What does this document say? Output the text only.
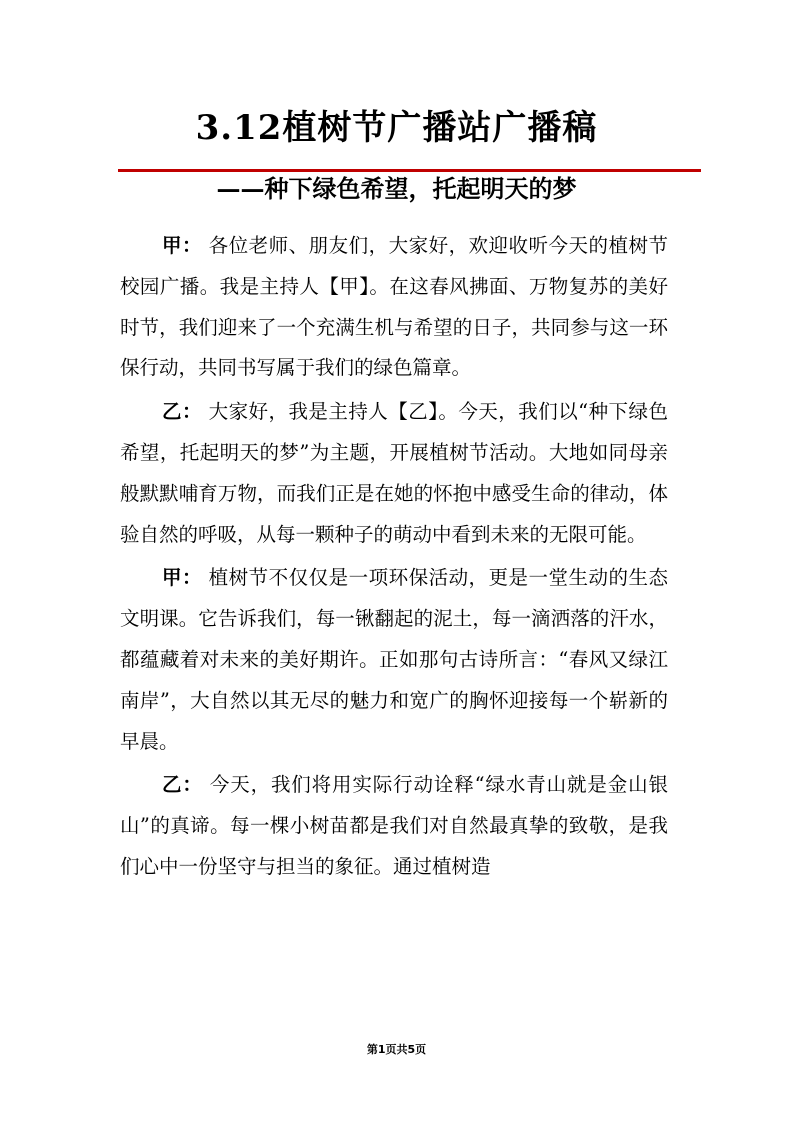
3.12植树节广播站广播稿
——种下绿色希望，托起明天的梦

甲： 各位老师、朋友们，大家好，欢迎收听今天的植树节校园广播。我是主持人【甲】。在这春风拂面、万物复苏的美好时节，我们迎来了一个充满生机与希望的日子，共同参与这一环保行动，共同书写属于我们的绿色篇章。

乙： 大家好，我是主持人【乙】。今天，我们以“种下绿色希望，托起明天的梦”为主题，开展植树节活动。大地如同母亲般默默哺育万物，而我们正是在她的怀抱中感受生命的律动，体验自然的呼吸，从每一颗种子的萌动中看到未来的无限可能。

甲： 植树节不仅仅是一项环保活动，更是一堂生动的生态文明课。它告诉我们，每一锹翻起的泥土，每一滴洒落的汗水，都蕴藏着对未来的美好期许。正如那句古诗所言：“春风又绿江南岸”，大自然以其无尽的魅力和宽广的胸怀迎接每一个崭新的早晨。

乙： 今天，我们将用实际行动诠释“绿水青山就是金山银山”的真谛。每一棵小树苗都是我们对自然最真挚的致敬，是我们心中一份坚守与担当的象征。通过植树造

第1页共5页
